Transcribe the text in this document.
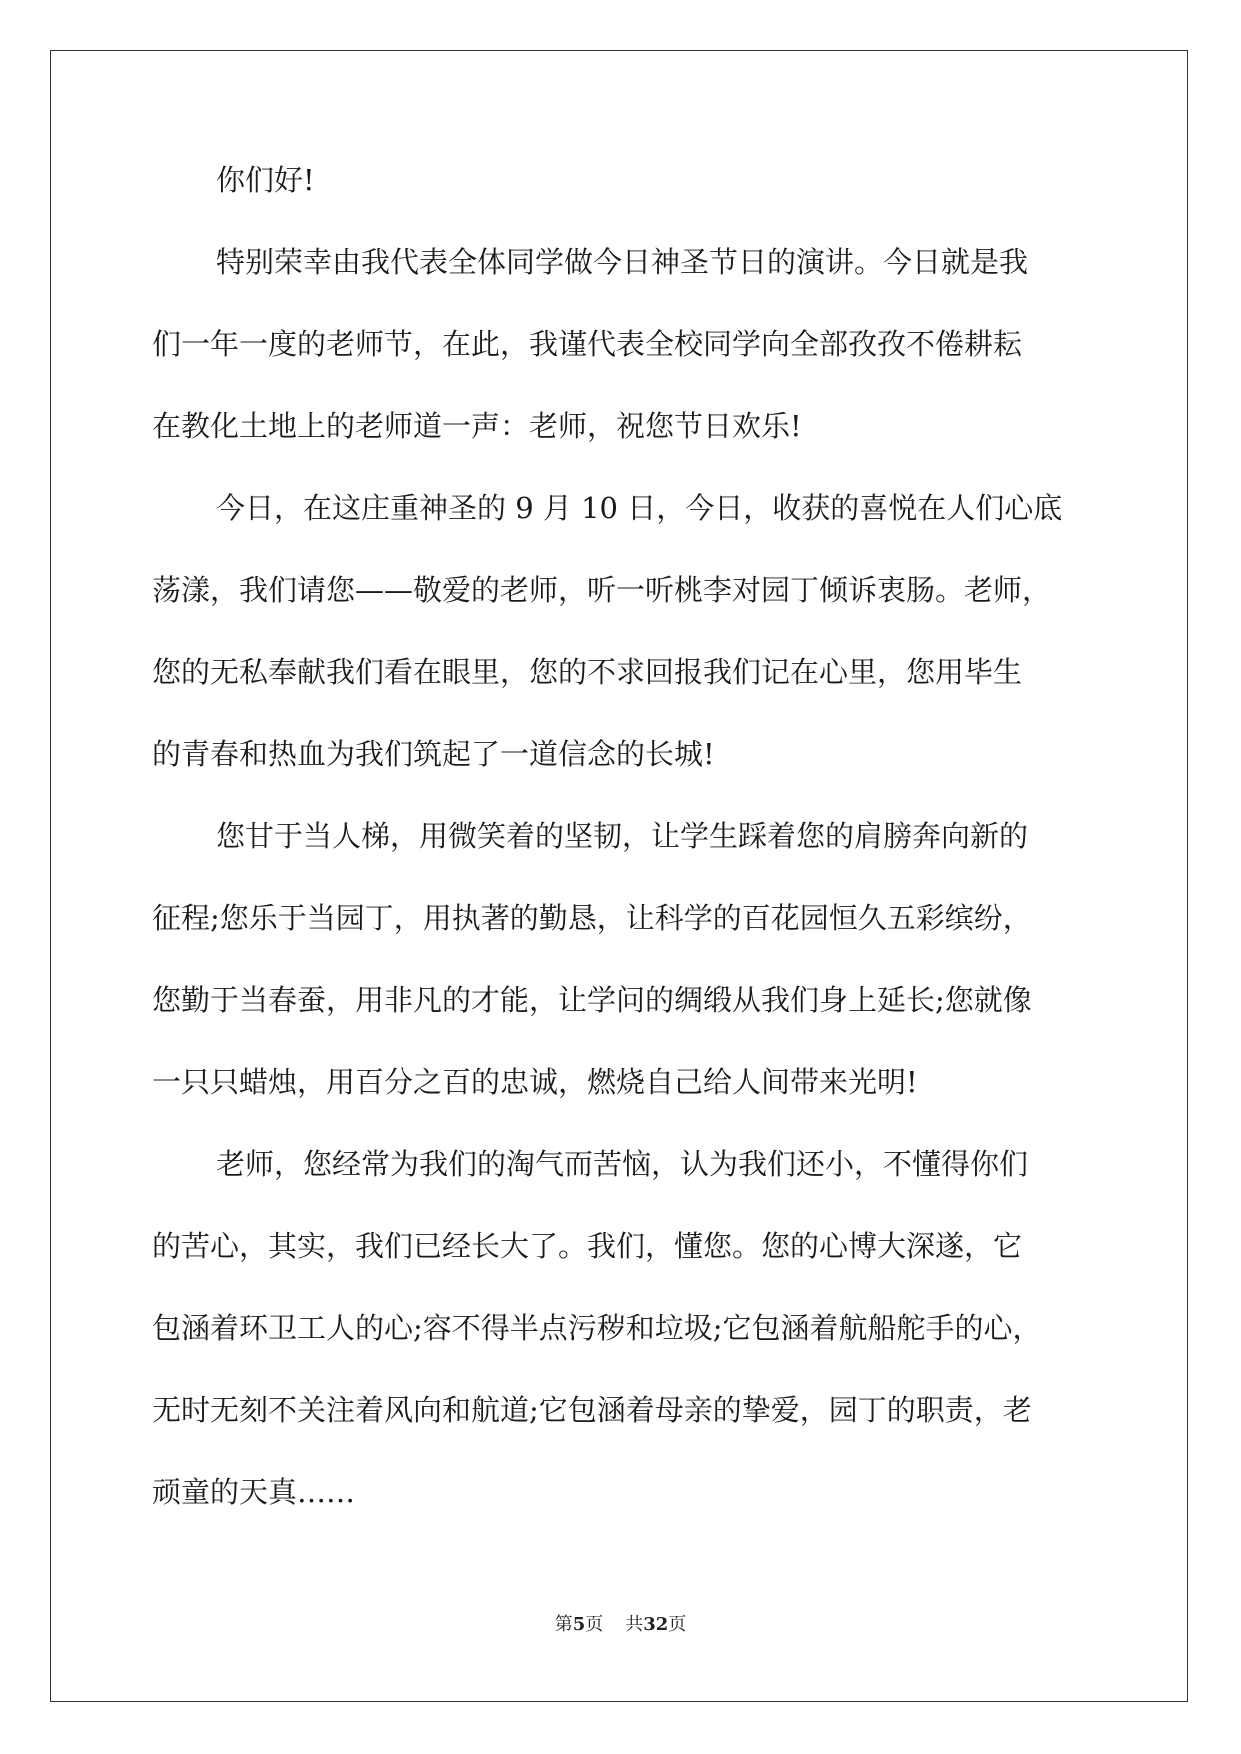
你们好!
特别荣幸由我代表全体同学做今日神圣节日的演讲。今日就是我
们一年一度的老师节，在此，我谨代表全校同学向全部孜孜不倦耕耘
在教化土地上的老师道一声：老师，祝您节日欢乐!
今日，在这庄重神圣的 9 月 10 日，今日，收获的喜悦在人们心底
荡漾，我们请您——敬爱的老师，听一听桃李对园丁倾诉衷肠。老师，
您的无私奉献我们看在眼里，您的不求回报我们记在心里，您用毕生
的青春和热血为我们筑起了一道信念的长城!
您甘于当人梯，用微笑着的坚韧，让学生踩着您的肩膀奔向新的
征程;您乐于当园丁，用执著的勤恳，让科学的百花园恒久五彩缤纷，
您勤于当春蚕，用非凡的才能，让学问的绸缎从我们身上延长;您就像
一只只蜡烛，用百分之百的忠诚，燃烧自己给人间带来光明!
老师，您经常为我们的淘气而苦恼，认为我们还小，不懂得你们
的苦心，其实，我们已经长大了。我们，懂您。您的心博大深遂，它
包涵着环卫工人的心;容不得半点污秽和垃圾;它包涵着航船舵手的心，
无时无刻不关注着风向和航道;它包涵着母亲的挚爱，园丁的职责，老
顽童的天真……
第5页 共32页
